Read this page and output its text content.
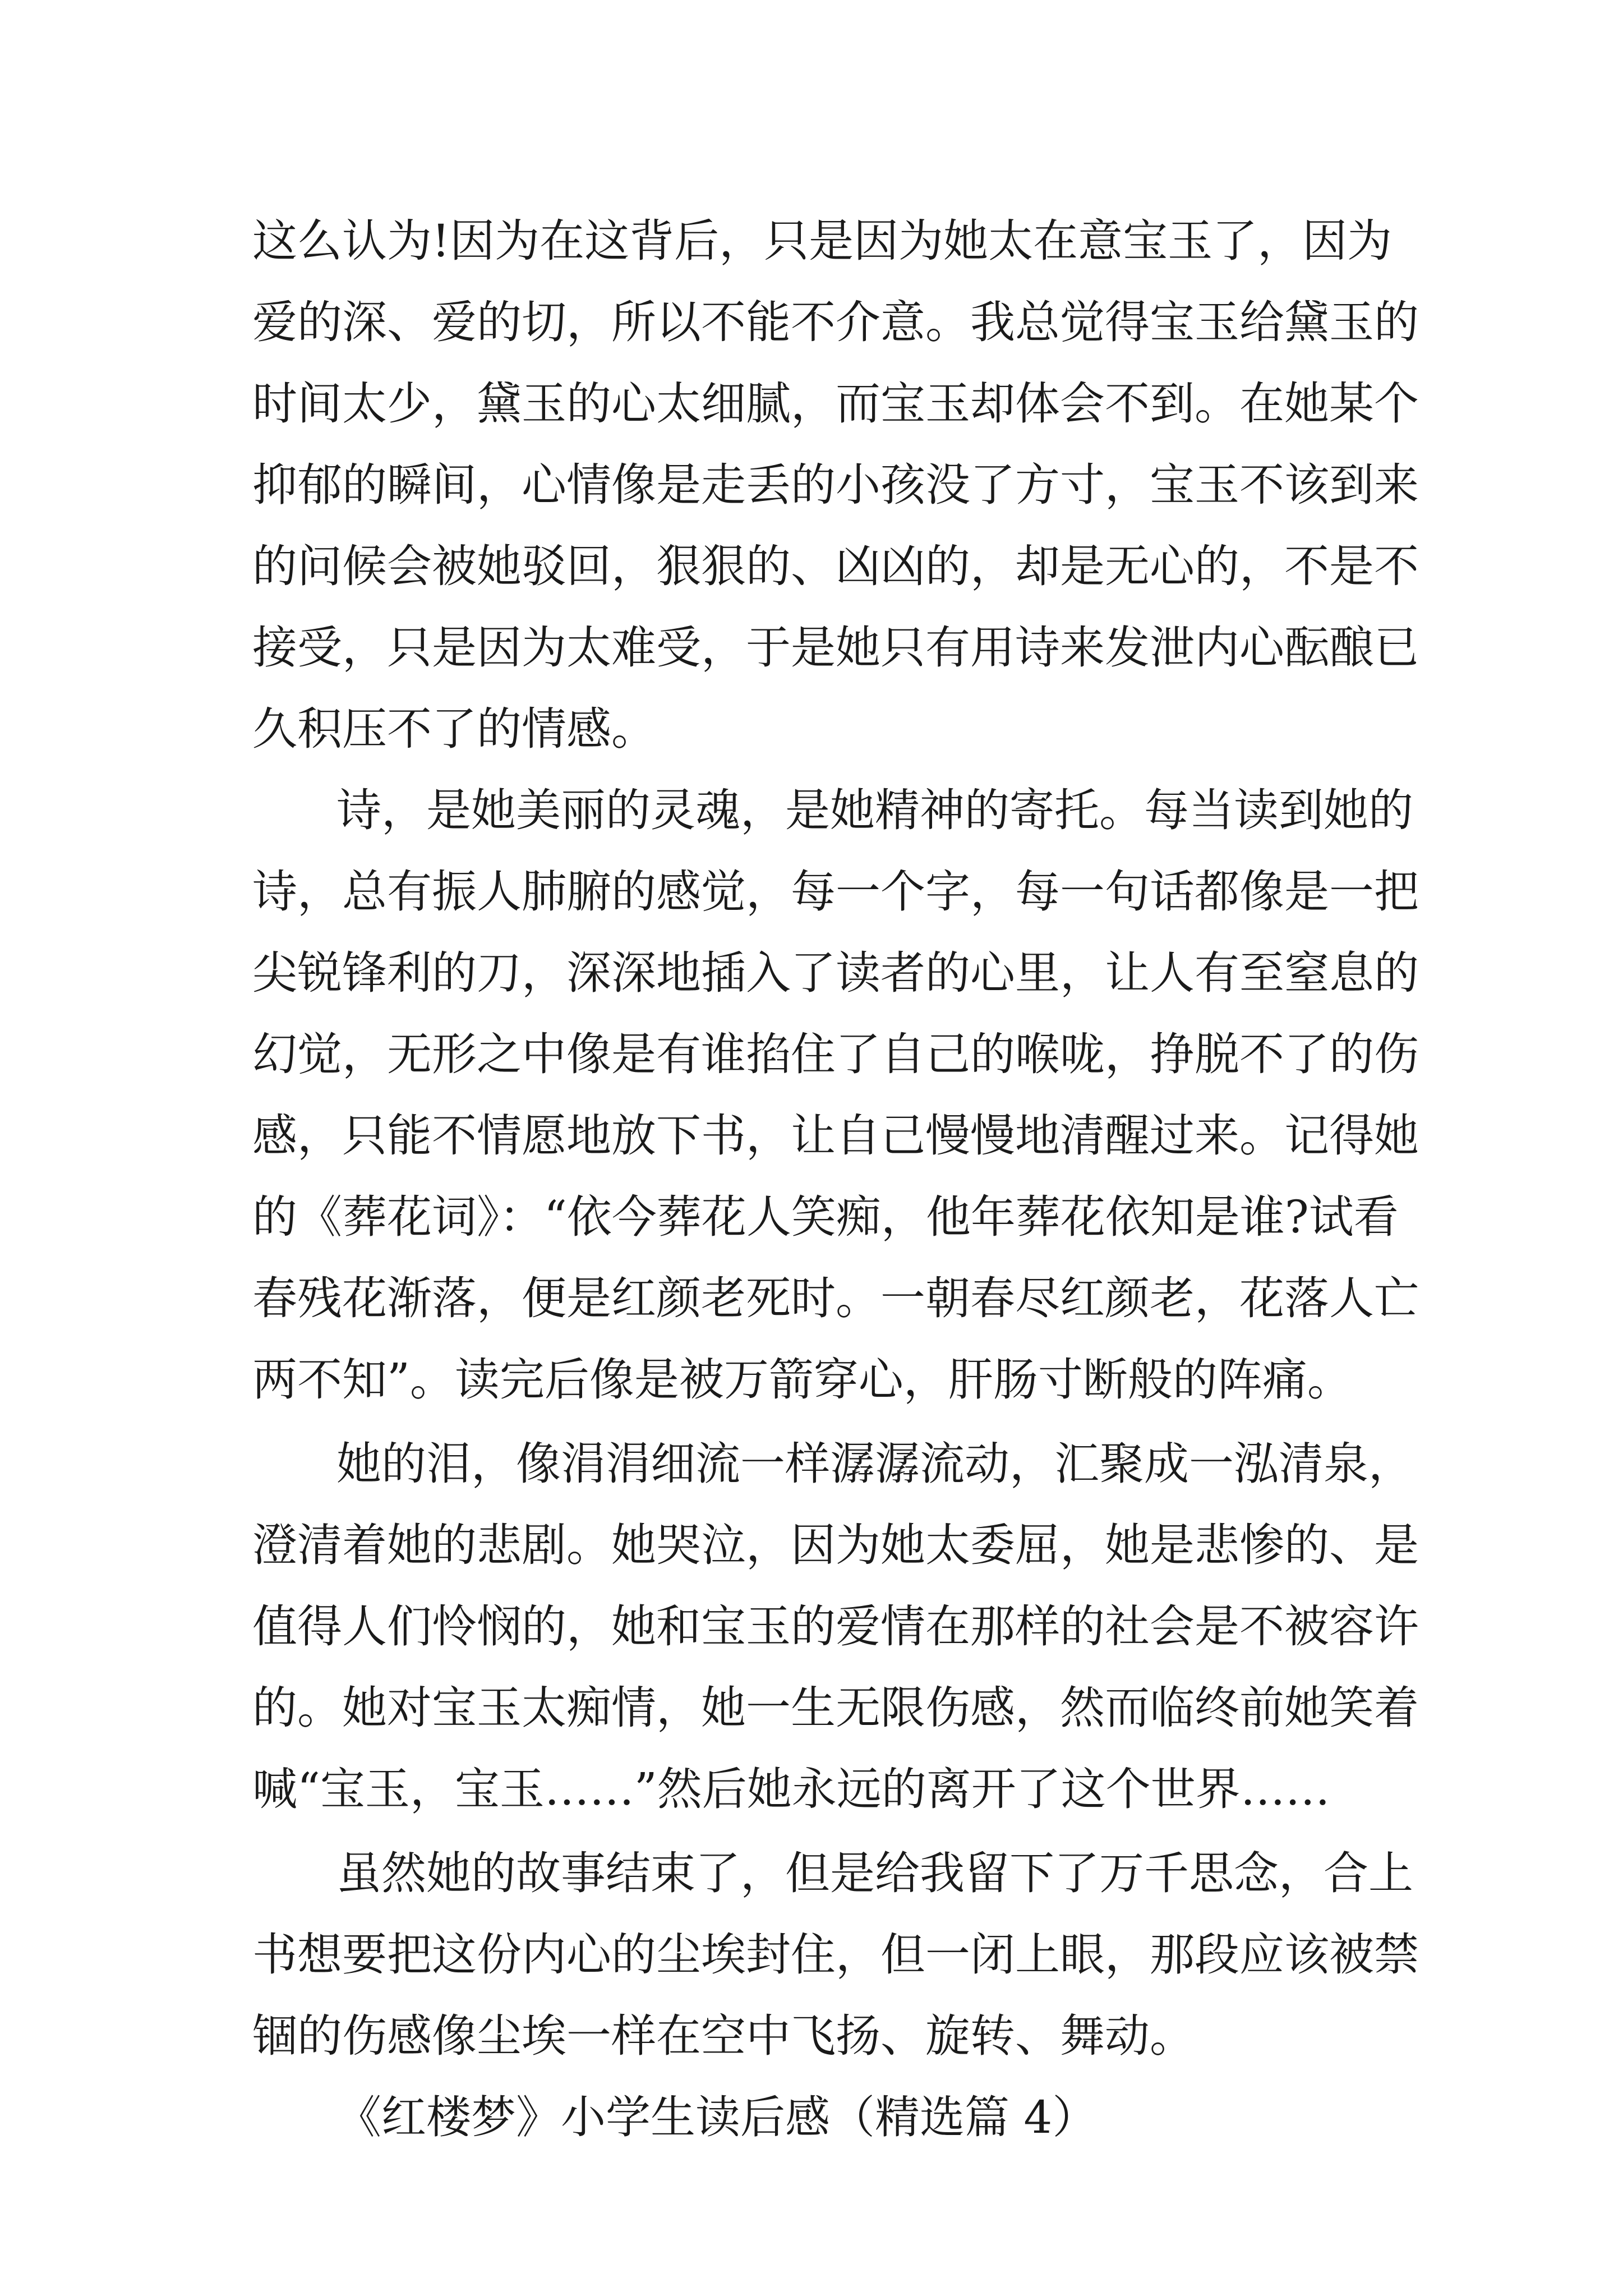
这么认为!因为在这背后，只是因为她太在意宝玉了，因为
爱的深、爱的切，所以不能不介意。我总觉得宝玉给黛玉的
时间太少，黛玉的心太细腻，而宝玉却体会不到。在她某个
抑郁的瞬间，心情像是走丢的小孩没了方寸，宝玉不该到来
的问候会被她驳回，狠狠的、凶凶的，却是无心的，不是不
接受，只是因为太难受，于是她只有用诗来发泄内心酝酿已
久积压不了的情感。
诗，是她美丽的灵魂，是她精神的寄托。每当读到她的
诗，总有振人肺腑的感觉，每一个字，每一句话都像是一把
尖锐锋利的刀，深深地插入了读者的心里，让人有至窒息的
幻觉，无形之中像是有谁掐住了自己的喉咙，挣脱不了的伤
感，只能不情愿地放下书，让自己慢慢地清醒过来。记得她
的《葬花词》：“依今葬花人笑痴，他年葬花依知是谁?试看
春残花渐落，便是红颜老死时。一朝春尽红颜老，花落人亡
两不知”。读完后像是被万箭穿心，肝肠寸断般的阵痛。
她的泪，像涓涓细流一样潺潺流动，汇聚成一泓清泉，
澄清着她的悲剧。她哭泣，因为她太委屈，她是悲惨的、是
值得人们怜悯的，她和宝玉的爱情在那样的社会是不被容许
的。她对宝玉太痴情，她一生无限伤感，然而临终前她笑着
喊“宝玉，宝玉……”然后她永远的离开了这个世界……
虽然她的故事结束了，但是给我留下了万千思念，合上
书想要把这份内心的尘埃封住，但一闭上眼，那段应该被禁
锢的伤感像尘埃一样在空中飞扬、旋转、舞动。
《红楼梦》小学生读后感（精选篇 4）
